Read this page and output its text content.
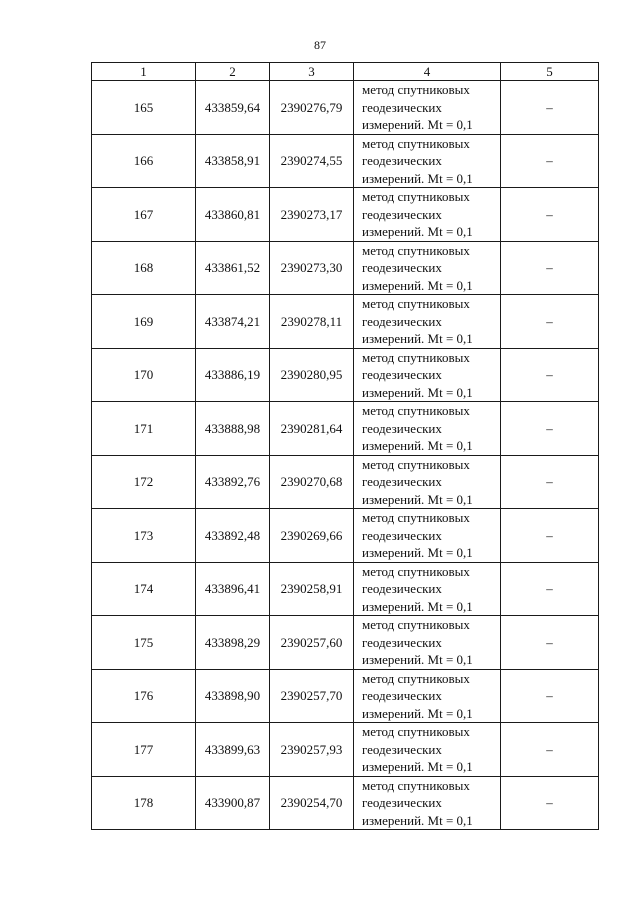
87
1	2	3	4	5
165	433859,64	2390276,79	метод спутниковых
геодезических
измерений. Mt = 0,1	–
166	433858,91	2390274,55	метод спутниковых
геодезических
измерений. Mt = 0,1	–
167	433860,81	2390273,17	метод спутниковых
геодезических
измерений. Mt = 0,1	–
168	433861,52	2390273,30	метод спутниковых
геодезических
измерений. Mt = 0,1	–
169	433874,21	2390278,11	метод спутниковых
геодезических
измерений. Mt = 0,1	–
170	433886,19	2390280,95	метод спутниковых
геодезических
измерений. Mt = 0,1	–
171	433888,98	2390281,64	метод спутниковых
геодезических
измерений. Mt = 0,1	–
172	433892,76	2390270,68	метод спутниковых
геодезических
измерений. Mt = 0,1	–
173	433892,48	2390269,66	метод спутниковых
геодезических
измерений. Mt = 0,1	–
174	433896,41	2390258,91	метод спутниковых
геодезических
измерений. Mt = 0,1	–
175	433898,29	2390257,60	метод спутниковых
геодезических
измерений. Mt = 0,1	–
176	433898,90	2390257,70	метод спутниковых
геодезических
измерений. Mt = 0,1	–
177	433899,63	2390257,93	метод спутниковых
геодезических
измерений. Mt = 0,1	–
178	433900,87	2390254,70	метод спутниковых
геодезических
измерений. Mt = 0,1	–
